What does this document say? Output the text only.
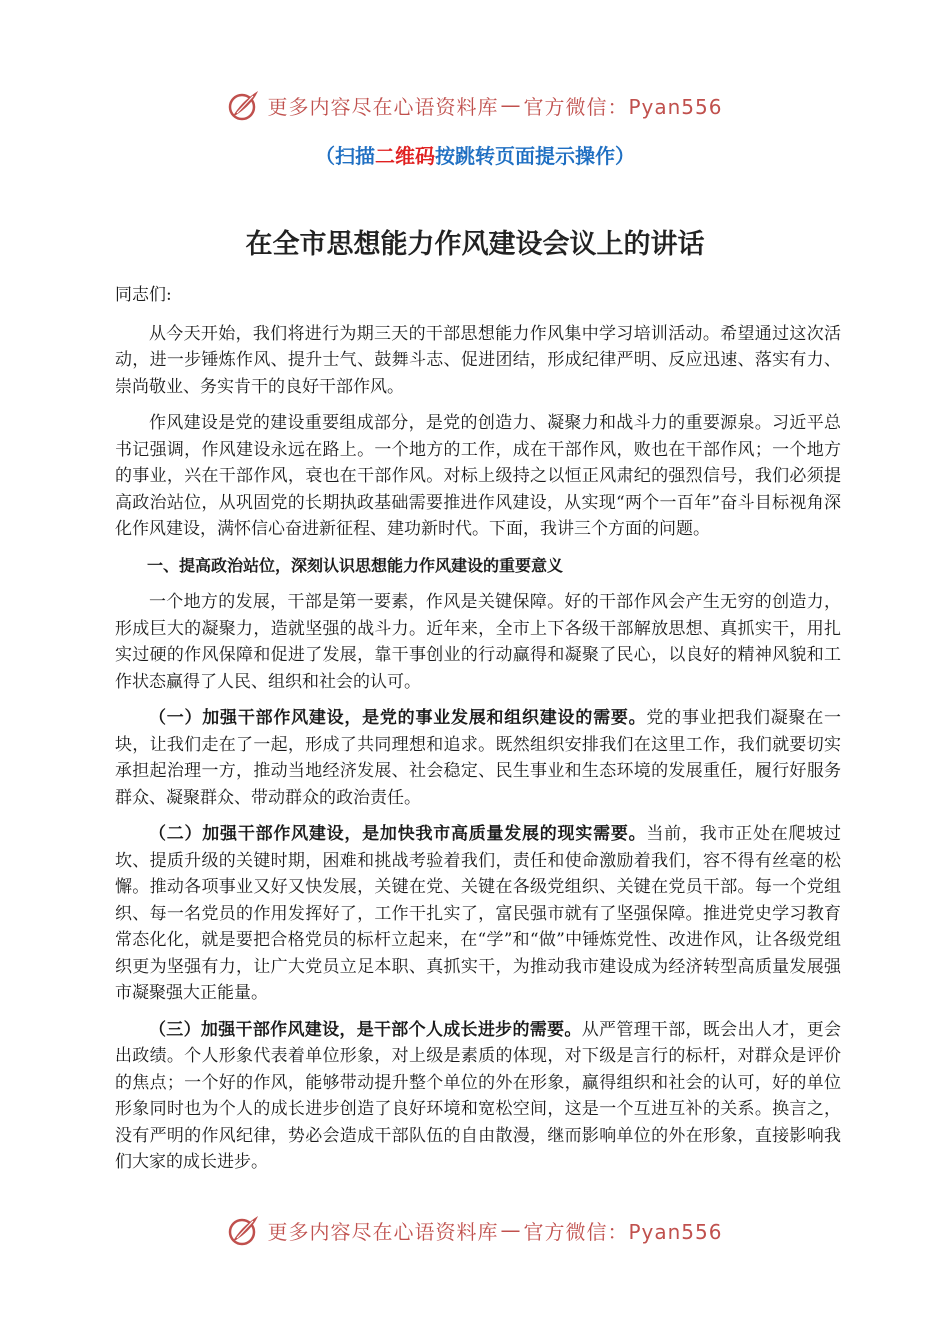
更多内容尽在心语资料库 — 官方微信：Pyan556
（扫描二维码按跳转页面提示操作）
在全市思想能力作风建设会议上的讲话

同志们:

从今天开始，我们将进行为期三天的干部思想能力作风集中学习培训活动。希望通过这次活动，进一步锤炼作风、提升士气、鼓舞斗志、促进团结，形成纪律严明、反应迅速、落实有力、崇尚敬业、务实肯干的良好干部作风。

作风建设是党的建设重要组成部分，是党的创造力、凝聚力和战斗力的重要源泉。习近平总书记强调，作风建设永远在路上。一个地方的工作，成在干部作风，败也在干部作风；一个地方的事业，兴在干部作风，衰也在干部作风。对标上级持之以恒正风肃纪的强烈信号，我们必须提高政治站位，从巩固党的长期执政基础需要推进作风建设，从实现“两个一百年”奋斗目标视角深化作风建设，满怀信心奋进新征程、建功新时代。下面，我讲三个方面的问题。

一、提高政治站位，深刻认识思想能力作风建设的重要意义

一个地方的发展，干部是第一要素，作风是关键保障。好的干部作风会产生无穷的创造力，形成巨大的凝聚力，造就坚强的战斗力。近年来，全市上下各级干部解放思想、真抓实干，用扎实过硬的作风保障和促进了发展，靠干事创业的行动赢得和凝聚了民心，以良好的精神风貌和工作状态赢得了人民、组织和社会的认可。

（一）加强干部作风建设，是党的事业发展和组织建设的需要。党的事业把我们凝聚在一块，让我们走在了一起，形成了共同理想和追求。既然组织安排我们在这里工作，我们就要切实承担起治理一方，推动当地经济发展、社会稳定、民生事业和生态环境的发展重任，履行好服务群众、凝聚群众、带动群众的政治责任。

（二）加强干部作风建设，是加快我市高质量发展的现实需要。当前，我市正处在爬坡过坎、提质升级的关键时期，困难和挑战考验着我们，责任和使命激励着我们，容不得有丝毫的松懈。推动各项事业又好又快发展，关键在党、关键在各级党组织、关键在党员干部。每一个党组织、每一名党员的作用发挥好了，工作干扎实了，富民强市就有了坚强保障。推进党史学习教育常态化化，就是要把合格党员的标杆立起来，在“学”和“做”中锤炼党性、改进作风，让各级党组织更为坚强有力，让广大党员立足本职、真抓实干，为推动我市建设成为经济转型高质量发展强市凝聚强大正能量。

（三）加强干部作风建设，是干部个人成长进步的需要。从严管理干部，既会出人才，更会出政绩。个人形象代表着单位形象，对上级是素质的体现，对下级是言行的标杆，对群众是评价的焦点；一个好的作风，能够带动提升整个单位的外在形象，赢得组织和社会的认可，好的单位形象同时也为个人的成长进步创造了良好环境和宽松空间，这是一个互进互补的关系。换言之，没有严明的作风纪律，势必会造成干部队伍的自由散漫，继而影响单位的外在形象，直接影响我们大家的成长进步。

更多内容尽在心语资料库 — 官方微信：Pyan556
